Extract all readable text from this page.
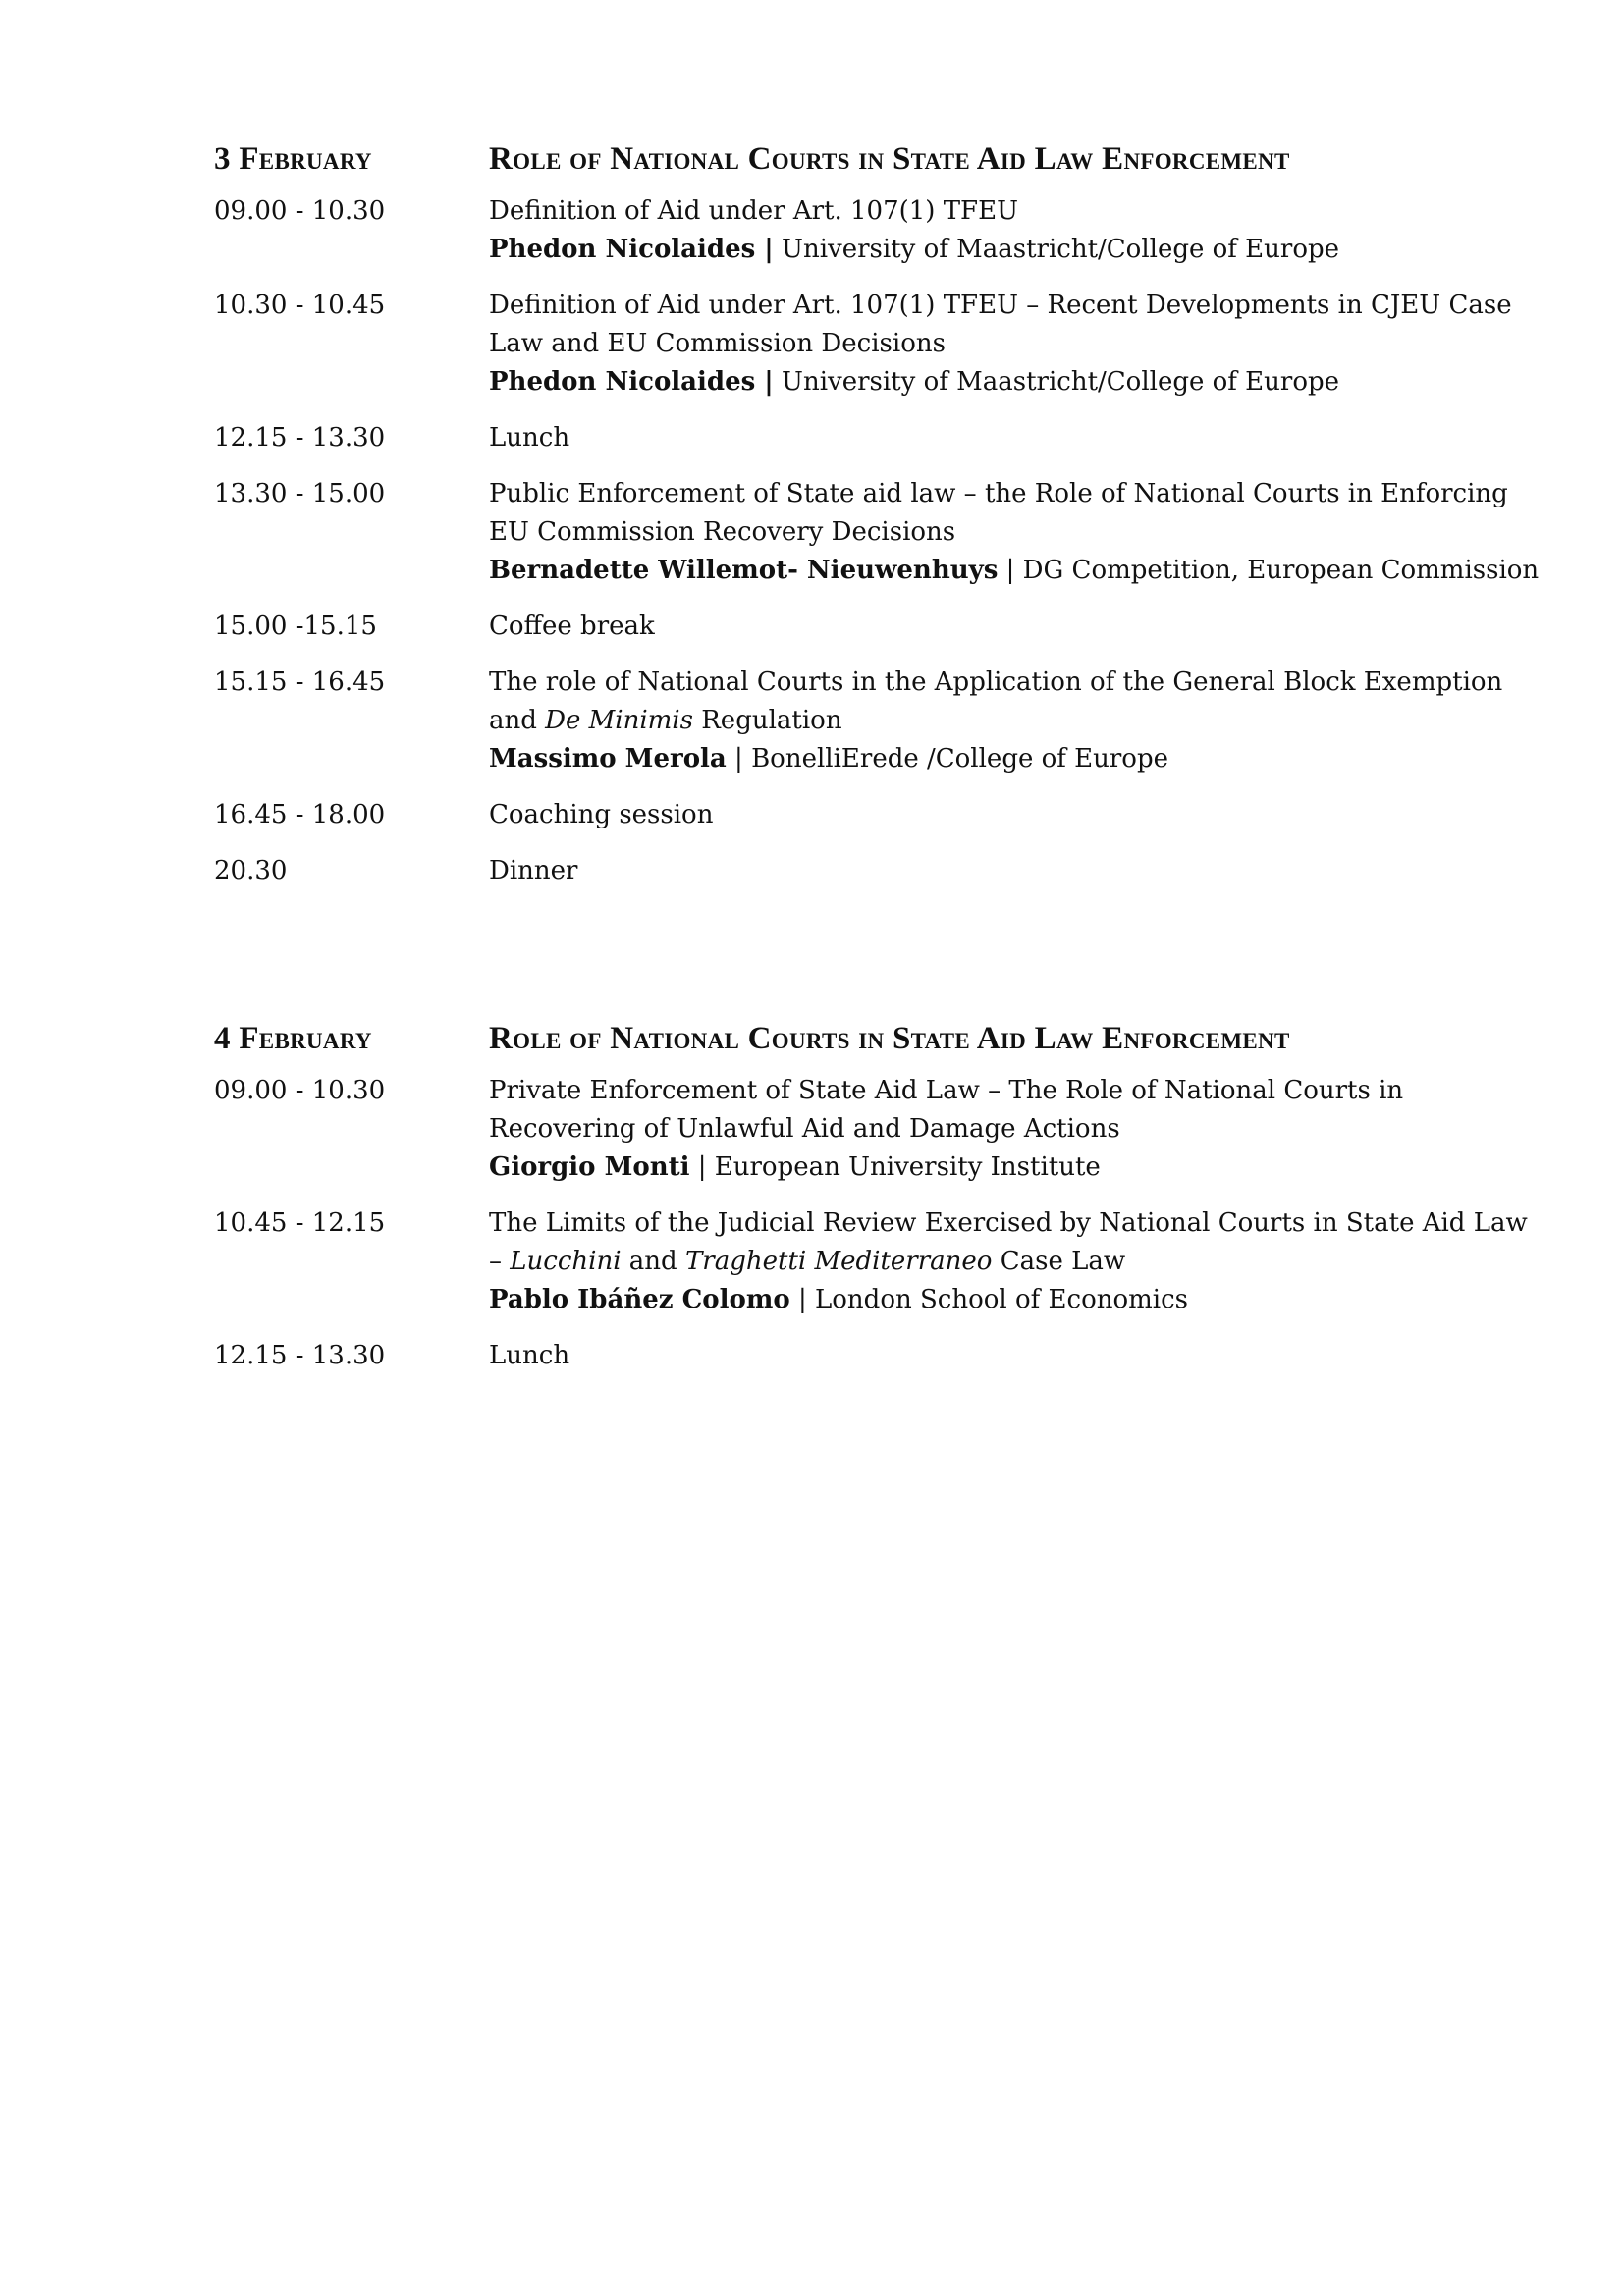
3 February	Role of National Courts in State Aid Law Enforcement
09.00 - 10.30	Definition of Aid under Art. 107(1) TFEU
Phedon Nicolaides | University of Maastricht/College of Europe
10.30 - 10.45	Definition of Aid under Art. 107(1) TFEU – Recent Developments in CJEU Case
Law and EU Commission Decisions
Phedon Nicolaides | University of Maastricht/College of Europe
12.15 - 13.30	Lunch
13.30 - 15.00	Public Enforcement of State aid law – the Role of National Courts in Enforcing
EU Commission Recovery Decisions
Bernadette Willemot- Nieuwenhuys | DG Competition, European Commission
15.00 -15.15	Coffee break
15.15 - 16.45	The role of National Courts in the Application of the General Block Exemption
and De Minimis Regulation
Massimo Merola | BonelliErede /College of Europe
16.45 - 18.00	Coaching session
20.30	Dinner
4 February	Role of National Courts in State Aid Law Enforcement
09.00 - 10.30	Private Enforcement of State Aid Law – The Role of National Courts in
Recovering of Unlawful Aid and Damage Actions
Giorgio Monti | European University Institute
10.45 - 12.15	The Limits of the Judicial Review Exercised by National Courts in State Aid Law
– Lucchini and Traghetti Mediterraneo Case Law
Pablo Ibáñez Colomo | London School of Economics
12.15 - 13.30	Lunch
